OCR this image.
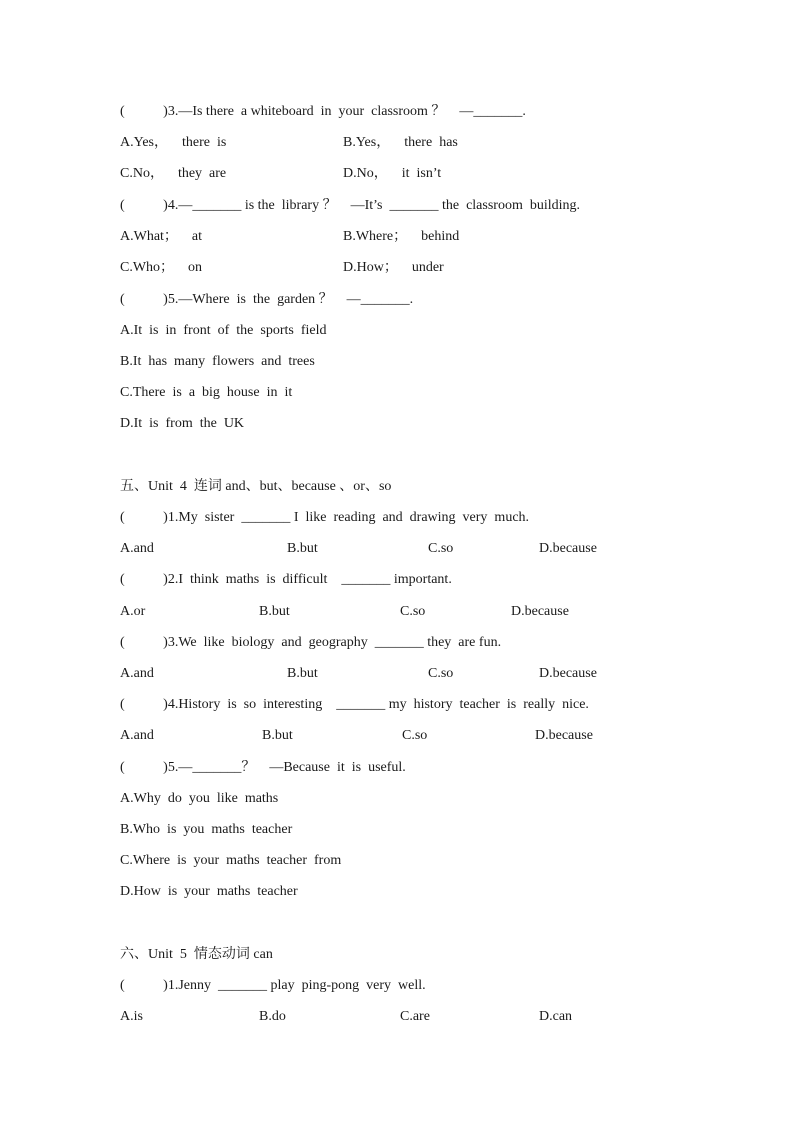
(           )3.—Is there  a whiteboard  in  your  classroom ？    —_______.

A.Yes，    there  is

	B.Yes，    there  has

C.No，    they  are

	D.No，    it  isn’t

(           )4.—_______ is the  library ？    —It’s  _______ the  classroom  building.

A.What；    at

	B.Where；    behind

C.Who；    on

	D.How；    under

(           )5.—Where  is  the  garden ？    —_______.

A.It  is  in  front  of  the  sports  field

B.It  has  many  flowers  and  trees

C.There  is  a  big  house  in  it

D.It  is  from  the  UK

五、Unit  4  连词 and、but、because 、or、so

(           )1.My  sister  _______ I  like  reading  and  drawing  very  much.

A.and

	B.but

	C.so

	D.because

(           )2.I  think  maths  is  difficult    _______ important.

A.or

	B.but

	C.so

	D.because

(           )3.We  like  biology  and  geography  _______ they  are fun.

A.and

	B.but

	C.so

	D.because

(           )4.History  is  so  interesting    _______ my  history  teacher  is  really  nice.

A.and

	B.but

	C.so

	D.because

(           )5.—_______？    —Because  it  is  useful.

A.Why  do  you  like  maths

B.Who  is  you  maths  teacher

C.Where  is  your  maths  teacher  from

D.How  is  your  maths  teacher

六、Unit  5  情态动词 can

(           )1.Jenny  _______ play  ping-pong  very  well.

A.is

	B.do

	C.are

	D.can
